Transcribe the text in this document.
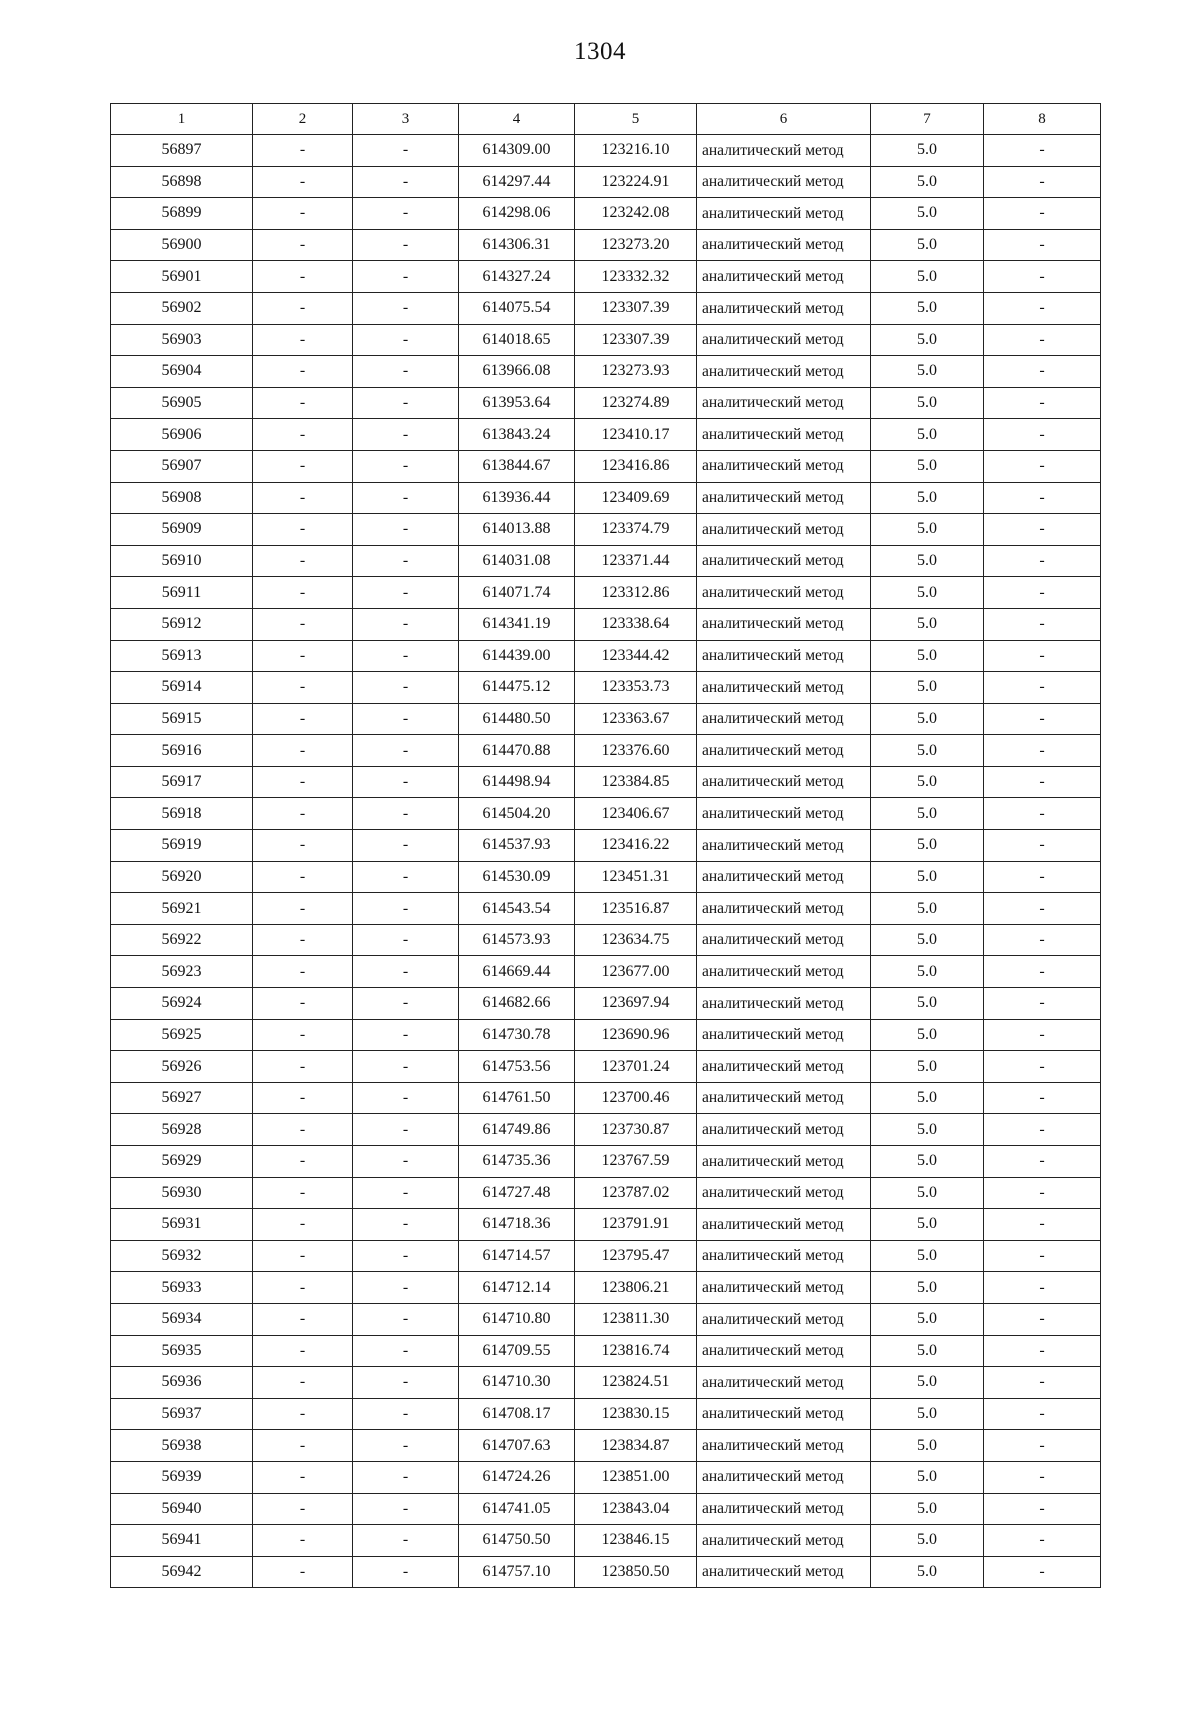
1304
1	2	3	4	5	6	7	8
56897	-	-	614309.00	123216.10	аналитический метод	5.0	-
56898	-	-	614297.44	123224.91	аналитический метод	5.0	-
56899	-	-	614298.06	123242.08	аналитический метод	5.0	-
56900	-	-	614306.31	123273.20	аналитический метод	5.0	-
56901	-	-	614327.24	123332.32	аналитический метод	5.0	-
56902	-	-	614075.54	123307.39	аналитический метод	5.0	-
56903	-	-	614018.65	123307.39	аналитический метод	5.0	-
56904	-	-	613966.08	123273.93	аналитический метод	5.0	-
56905	-	-	613953.64	123274.89	аналитический метод	5.0	-
56906	-	-	613843.24	123410.17	аналитический метод	5.0	-
56907	-	-	613844.67	123416.86	аналитический метод	5.0	-
56908	-	-	613936.44	123409.69	аналитический метод	5.0	-
56909	-	-	614013.88	123374.79	аналитический метод	5.0	-
56910	-	-	614031.08	123371.44	аналитический метод	5.0	-
56911	-	-	614071.74	123312.86	аналитический метод	5.0	-
56912	-	-	614341.19	123338.64	аналитический метод	5.0	-
56913	-	-	614439.00	123344.42	аналитический метод	5.0	-
56914	-	-	614475.12	123353.73	аналитический метод	5.0	-
56915	-	-	614480.50	123363.67	аналитический метод	5.0	-
56916	-	-	614470.88	123376.60	аналитический метод	5.0	-
56917	-	-	614498.94	123384.85	аналитический метод	5.0	-
56918	-	-	614504.20	123406.67	аналитический метод	5.0	-
56919	-	-	614537.93	123416.22	аналитический метод	5.0	-
56920	-	-	614530.09	123451.31	аналитический метод	5.0	-
56921	-	-	614543.54	123516.87	аналитический метод	5.0	-
56922	-	-	614573.93	123634.75	аналитический метод	5.0	-
56923	-	-	614669.44	123677.00	аналитический метод	5.0	-
56924	-	-	614682.66	123697.94	аналитический метод	5.0	-
56925	-	-	614730.78	123690.96	аналитический метод	5.0	-
56926	-	-	614753.56	123701.24	аналитический метод	5.0	-
56927	-	-	614761.50	123700.46	аналитический метод	5.0	-
56928	-	-	614749.86	123730.87	аналитический метод	5.0	-
56929	-	-	614735.36	123767.59	аналитический метод	5.0	-
56930	-	-	614727.48	123787.02	аналитический метод	5.0	-
56931	-	-	614718.36	123791.91	аналитический метод	5.0	-
56932	-	-	614714.57	123795.47	аналитический метод	5.0	-
56933	-	-	614712.14	123806.21	аналитический метод	5.0	-
56934	-	-	614710.80	123811.30	аналитический метод	5.0	-
56935	-	-	614709.55	123816.74	аналитический метод	5.0	-
56936	-	-	614710.30	123824.51	аналитический метод	5.0	-
56937	-	-	614708.17	123830.15	аналитический метод	5.0	-
56938	-	-	614707.63	123834.87	аналитический метод	5.0	-
56939	-	-	614724.26	123851.00	аналитический метод	5.0	-
56940	-	-	614741.05	123843.04	аналитический метод	5.0	-
56941	-	-	614750.50	123846.15	аналитический метод	5.0	-
56942	-	-	614757.10	123850.50	аналитический метод	5.0	-
